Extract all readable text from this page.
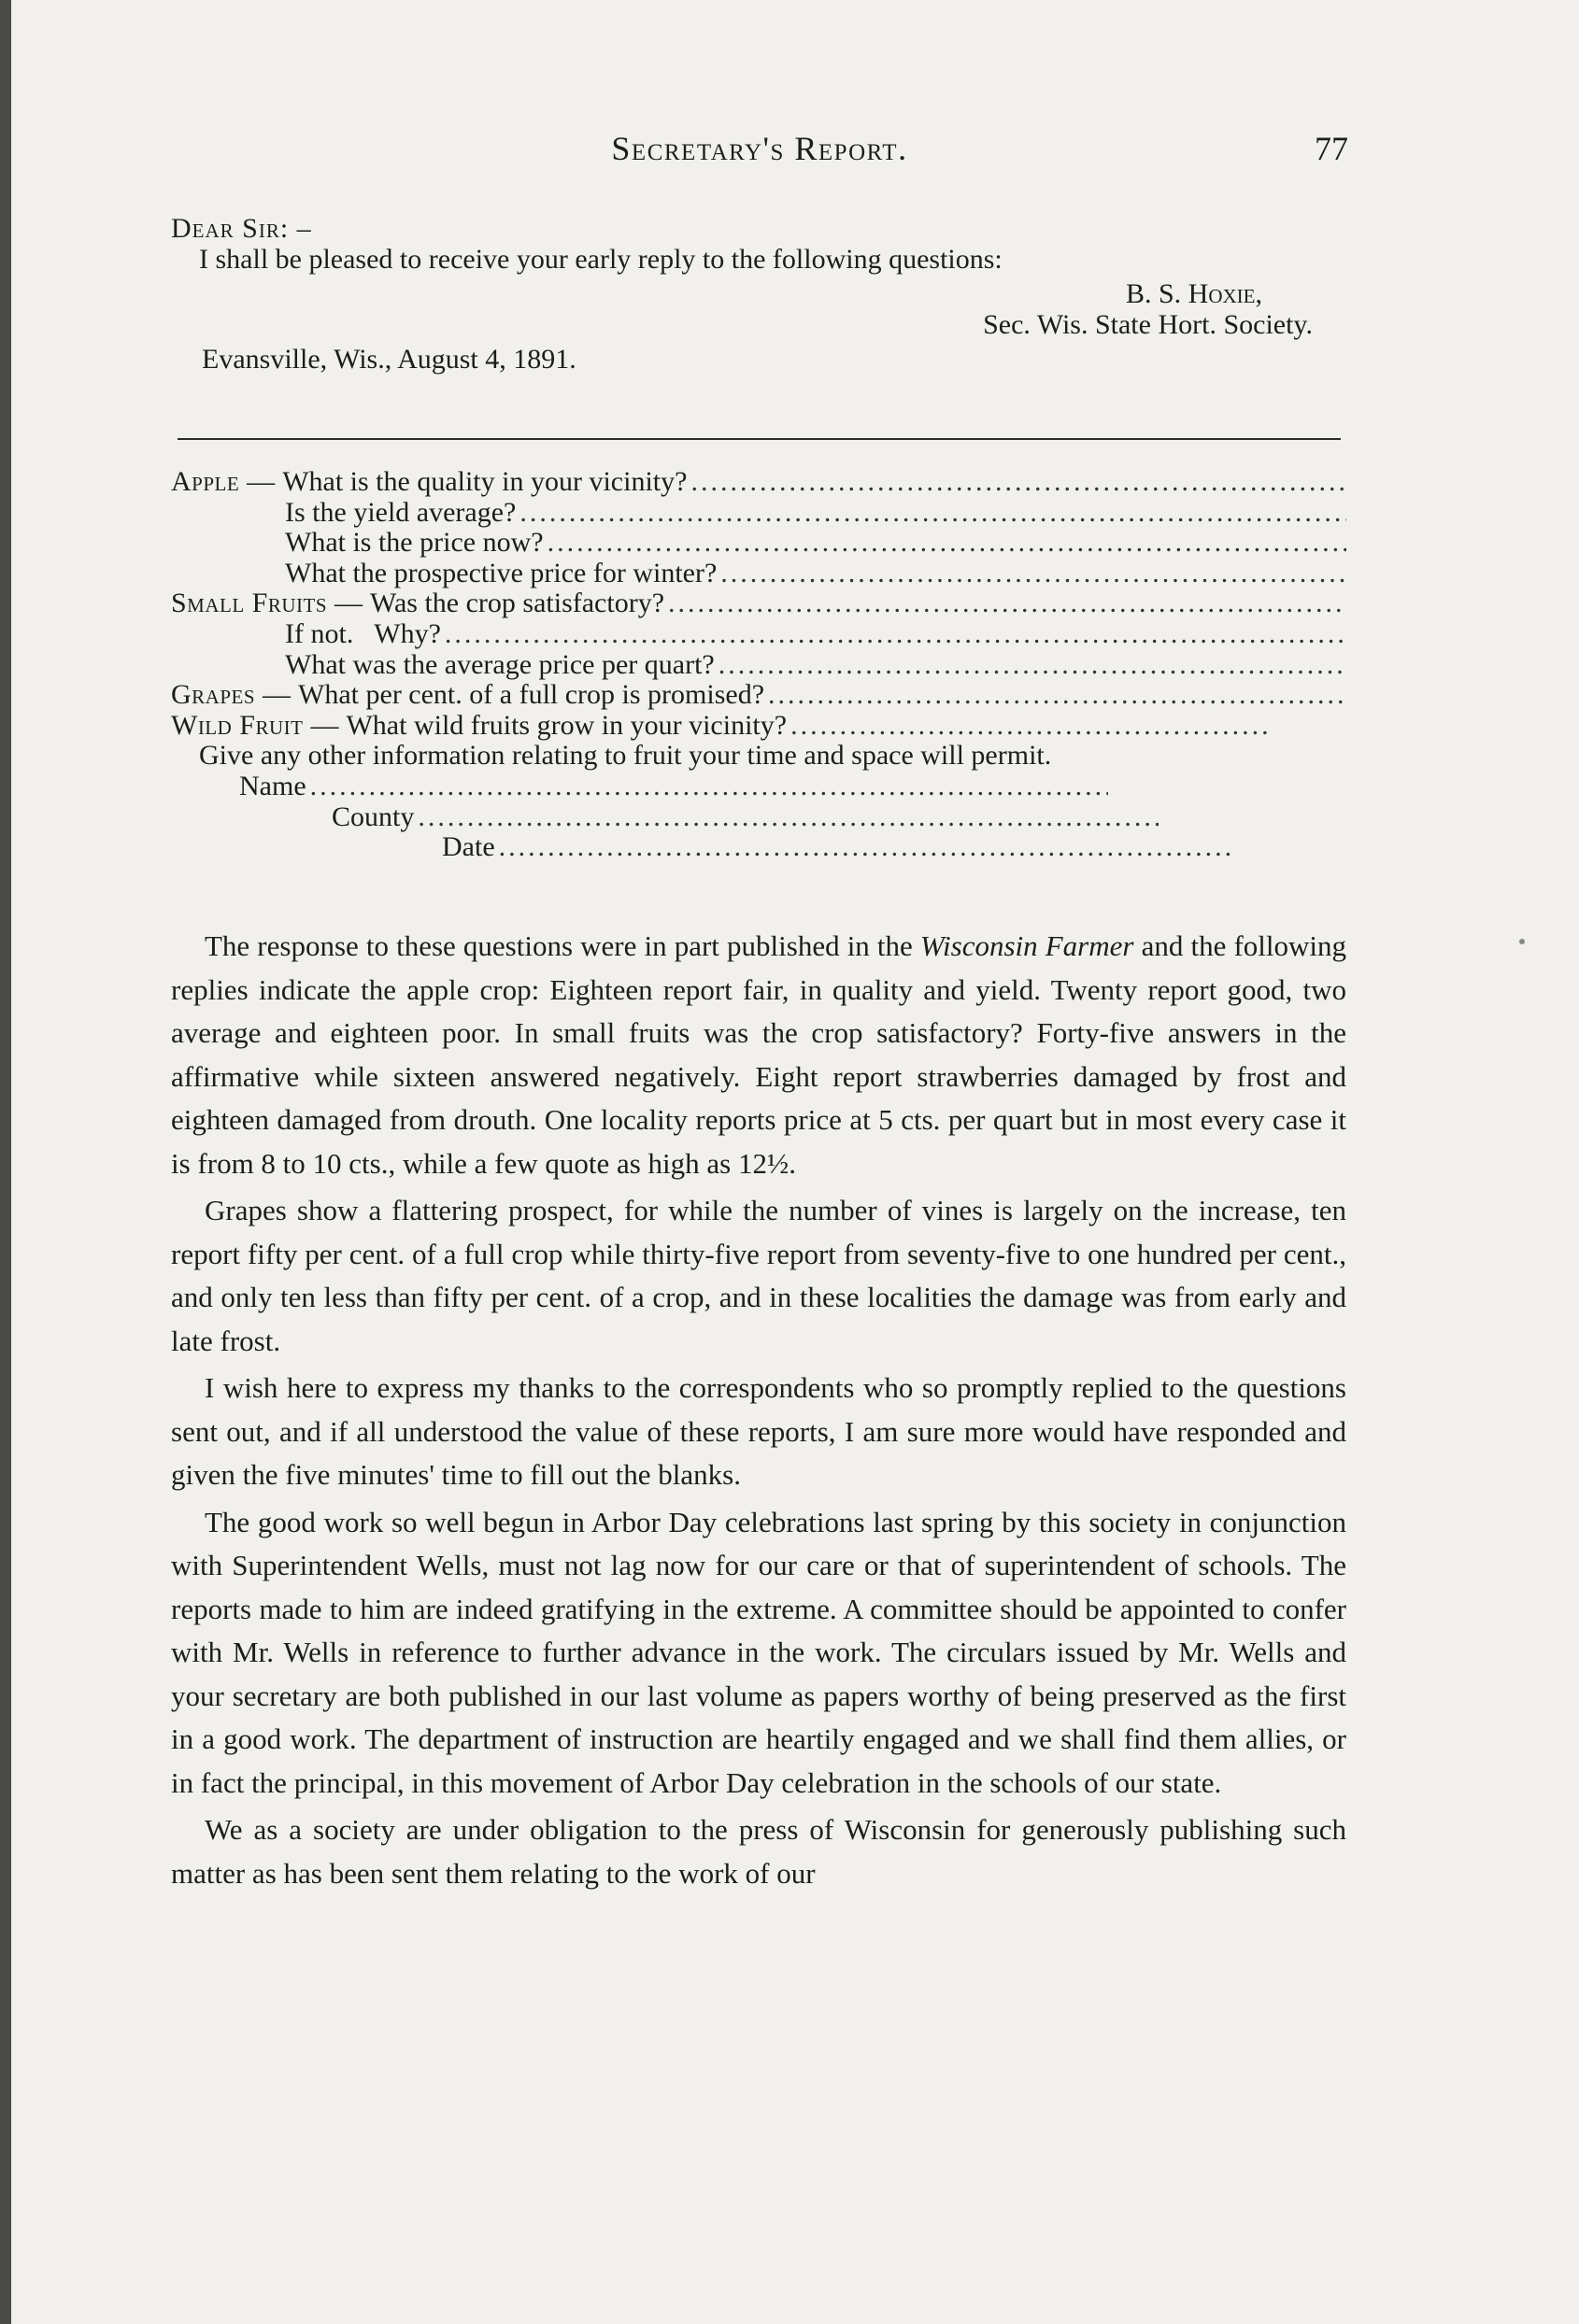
Secretary's Report.	77
Dear Sir: –
I shall be pleased to receive your early reply to the following questions:
B. S. Hoxie,
Sec. Wis. State Hort. Society.
Evansville, Wis., August 4, 1891.
Apple —
What is the quality in your vicinity?
.....
Is the yield average?
.....
What is the price now?
.....
What the prospective price for winter?
.....
Small Fruits —
Was the crop satisfactory?
.....
If not.   Why?
.....
What was the average price per quart?
.....
Grapes —
What per cent. of a full crop is promised?
.....
Wild Fruit —
What wild fruits grow in your vicinity?
.....
Give any other information relating to fruit your time and space will permit.
Name
.....
County
.....
Date
.....

The response to these questions were in part published in the Wisconsin Farmer and the following replies indicate the apple crop: Eighteen report fair, in quality and yield. Twenty report good, two average and eighteen poor. In small fruits was the crop satisfactory? Forty-five answers in the affirmative while sixteen answered negatively. Eight report strawberries damaged by frost and eighteen damaged from drouth. One locality reports price at 5 cts. per quart but in most every case it is from 8 to 10 cts., while a few quote as high as 12½.

Grapes show a flattering prospect, for while the number of vines is largely on the increase, ten report fifty per cent. of a full crop while thirty-five report from seventy-five to one hundred per cent., and only ten less than fifty per cent. of a crop, and in these localities the damage was from early and late frost.

I wish here to express my thanks to the correspondents who so promptly replied to the questions sent out, and if all understood the value of these reports, I am sure more would have responded and given the five minutes' time to fill out the blanks.

The good work so well begun in Arbor Day celebrations last spring by this society in conjunction with Superintendent Wells, must not lag now for our care or that of superintendent of schools. The reports made to him are indeed gratifying in the extreme. A committee should be appointed to confer with Mr. Wells in reference to further advance in the work. The circulars issued by Mr. Wells and your secretary are both published in our last volume as papers worthy of being preserved as the first in a good work. The department of instruction are heartily engaged and we shall find them allies, or in fact the principal, in this movement of Arbor Day celebration in the schools of our state.

We as a society are under obligation to the press of Wisconsin for generously publishing such matter as has been sent them relating to the work of our
